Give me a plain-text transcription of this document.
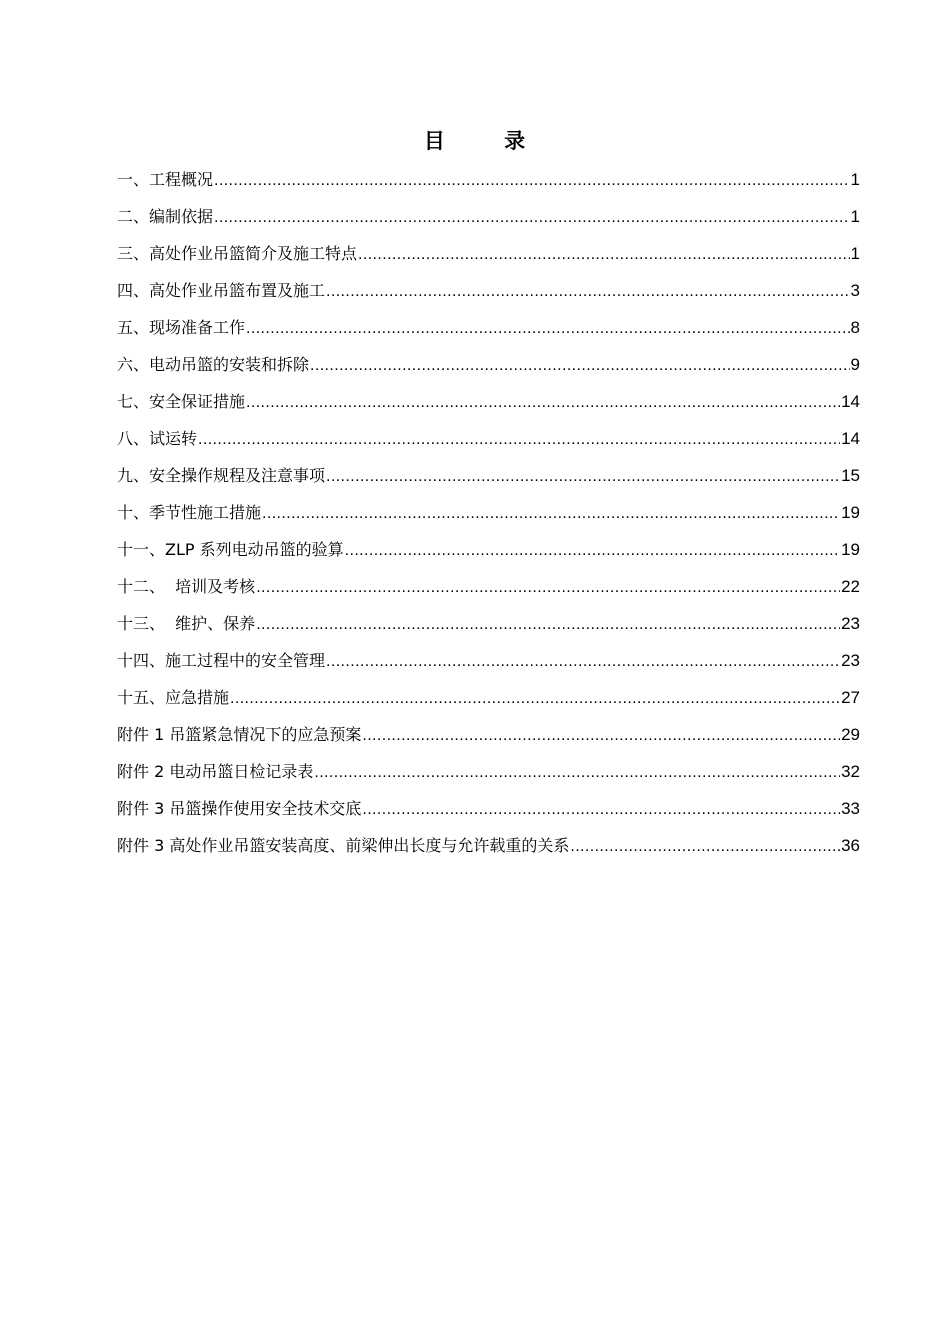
目 录
一、工程概况 .....	1
二、编制依据 .....	1
三、高处作业吊篮简介及施工特点 .....	1
四、高处作业吊篮布置及施工 .....	3
五、现场准备工作 .....	8
六、电动吊篮的安装和拆除 .....	9
七、安全保证措施 .....	14
八、试运转 .....	14
九、安全操作规程及注意事项 .....	15
十、季节性施工措施 .....	19
十一、ZLP 系列电动吊篮的验算 .....	19
十二、  培训及考核 .....	22
十三、  维护、保养 .....	23
十四、施工过程中的安全管理 .....	23
十五、应急措施 .....	27
附件 1 吊篮紧急情况下的应急预案 .....	29
附件 2 电动吊篮日检记录表 .....	32
附件 3 吊篮操作使用安全技术交底 .....	33
附件 3 高处作业吊篮安装高度、前梁伸出长度与允许载重的关系 .....	36
